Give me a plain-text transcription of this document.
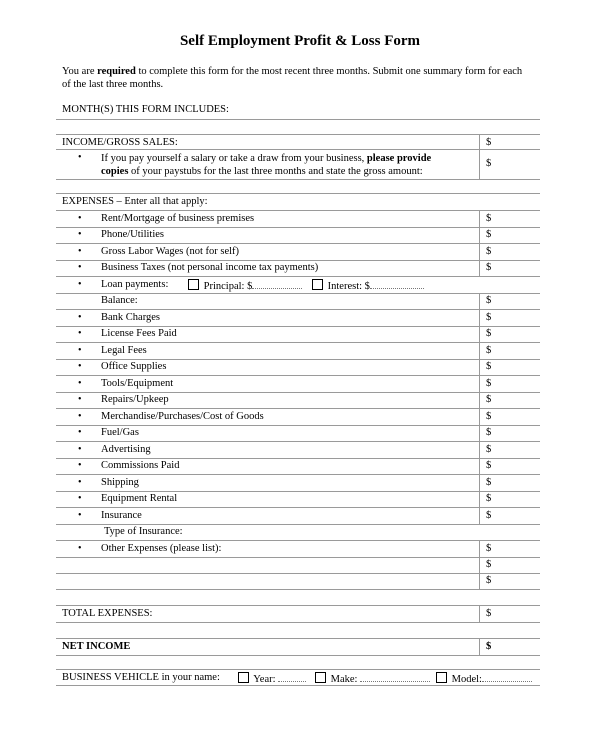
Self Employment Profit & Loss Form
You are required to complete this form for the most recent three months. Submit one summary form for each of the last three months.
MONTH(S) THIS FORM INCLUDES:
INCOME/GROSS SALES:	$
• If you pay yourself a salary or take a draw from your business, please provide
copies of your paystubs for the last three months and state the gross amount:
$
EXPENSES – Enter all that apply:
• Rent/Mortgage of business premises	$
• Phone/Utilities	$
• Gross Labor Wages (not for self)	$
• Business Taxes (not personal income tax payments)	$
• Loan payments:	Principal: $	Interest: $
Balance:	$
• Bank Charges	$
• License Fees Paid	$
• Legal Fees	$
• Office Supplies	$
• Tools/Equipment	$
• Repairs/Upkeep	$
• Merchandise/Purchases/Cost of Goods	$
• Fuel/Gas	$
• Advertising	$
• Commissions Paid	$
• Shipping	$
• Equipment Rental	$
• Insurance	$
Type of Insurance:
• Other Expenses (please list):	$
$
$
TOTAL EXPENSES:	$
NET INCOME	$
BUSINESS VEHICLE in your name:	Year:	Make:	Model:
